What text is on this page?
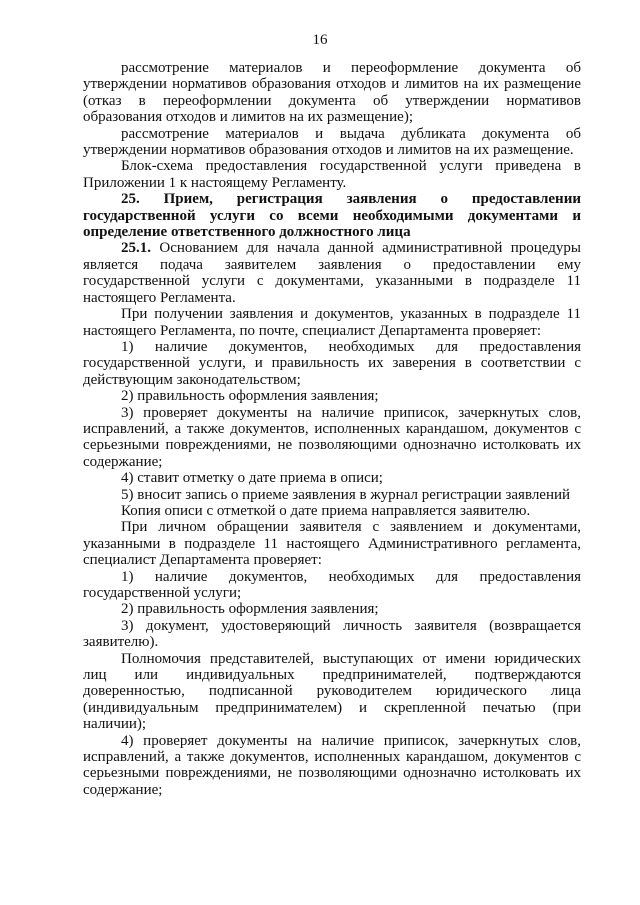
16

рассмотрение материалов и переоформление документа об утверждении нормативов образования отходов и лимитов на их размещение (отказ в переоформлении документа об утверждении нормативов образования отходов и лимитов на их размещение);

рассмотрение материалов и выдача дубликата документа об утверждении нормативов образования отходов и лимитов на их размещение.

Блок-схема предоставления государственной услуги приведена в Приложении 1 к настоящему Регламенту.

25. Прием, регистрация заявления о предоставлении государственной услуги со всеми необходимыми документами и определение ответственного должностного лица

25.1. Основанием для начала данной административной процедуры является подача заявителем заявления о предоставлении ему государственной услуги с документами, указанными в подразделе 11 настоящего Регламента.

При получении заявления и документов, указанных в подразделе 11 настоящего Регламента, по почте, специалист Департамента проверяет:

1) наличие документов, необходимых для предоставления государственной услуги, и правильность их заверения в соответствии с действующим законодательством;

2) правильность оформления заявления;

3) проверяет документы на наличие приписок, зачеркнутых слов, исправлений, а также документов, исполненных карандашом, документов с серьезными повреждениями, не позволяющими однозначно истолковать их содержание;

4) ставит отметку о дате приема в описи;

5) вносит запись о приеме заявления в журнал регистрации заявлений

Копия описи с отметкой о дате приема направляется заявителю.

При личном обращении заявителя с заявлением и документами, указанными в подразделе 11 настоящего Административного регламента, специалист Департамента проверяет:

1) наличие документов, необходимых для предоставления государственной услуги;

2) правильность оформления заявления;

3) документ, удостоверяющий личность заявителя (возвращается заявителю).

Полномочия представителей, выступающих от имени юридических лиц или индивидуальных предпринимателей, подтверждаются доверенностью, подписанной руководителем юридического лица (индивидуальным предпринимателем) и скрепленной печатью (при наличии);

4) проверяет документы на наличие приписок, зачеркнутых слов, исправлений, а также документов, исполненных карандашом, документов с серьезными повреждениями, не позволяющими однозначно истолковать их содержание;
